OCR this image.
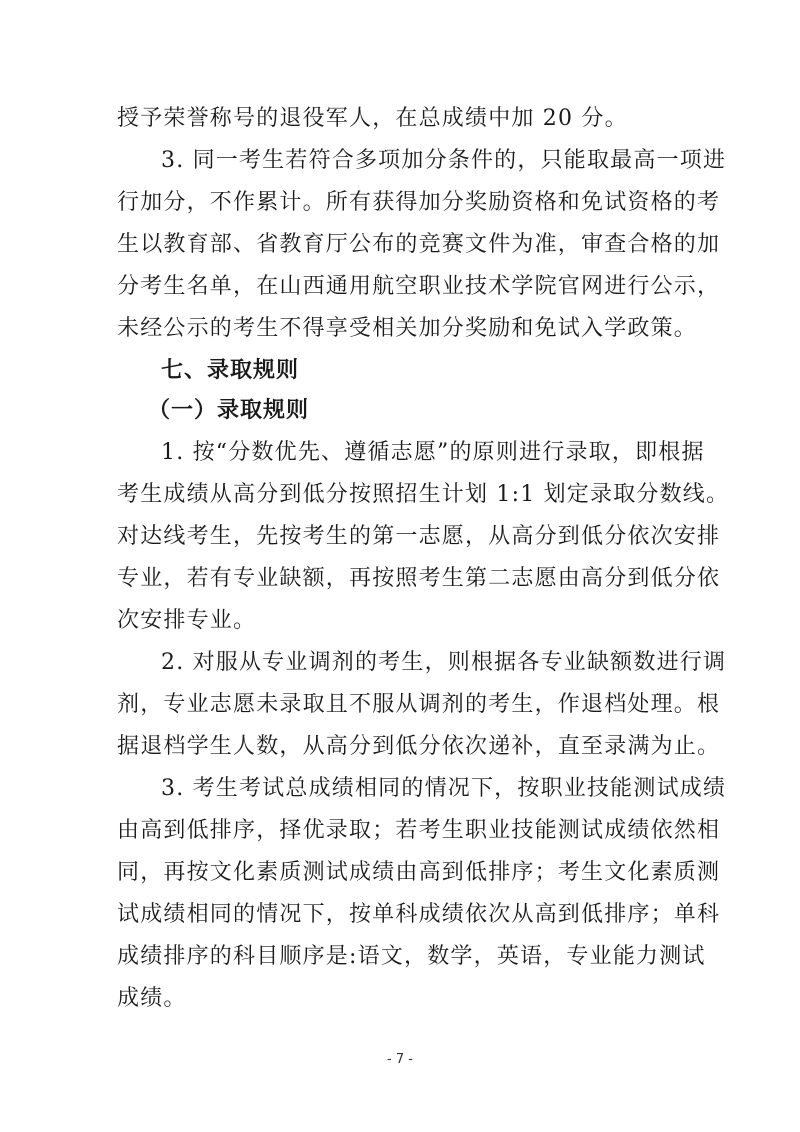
授予荣誉称号的退役军人，在总成绩中加 20 分。
3. 同一考生若符合多项加分条件的，只能取最高一项进
行加分，不作累计。所有获得加分奖励资格和免试资格的考
生以教育部、省教育厅公布的竞赛文件为准，审查合格的加
分考生名单，在山西通用航空职业技术学院官网进行公示，
未经公示的考生不得享受相关加分奖励和免试入学政策。
七、录取规则
（一）录取规则
1. 按“分数优先、遵循志愿”的原则进行录取，即根据
考生成绩从高分到低分按照招生计划 1:1 划定录取分数线。
对达线考生，先按考生的第一志愿，从高分到低分依次安排
专业，若有专业缺额，再按照考生第二志愿由高分到低分依
次安排专业。
2. 对服从专业调剂的考生，则根据各专业缺额数进行调
剂，专业志愿未录取且不服从调剂的考生，作退档处理。根
据退档学生人数，从高分到低分依次递补，直至录满为止。
3. 考生考试总成绩相同的情况下，按职业技能测试成绩
由高到低排序，择优录取；若考生职业技能测试成绩依然相
同，再按文化素质测试成绩由高到低排序；考生文化素质测
试成绩相同的情况下，按单科成绩依次从高到低排序；单科
成绩排序的科目顺序是:语文，数学，英语，专业能力测试
成绩。
- 7 -
